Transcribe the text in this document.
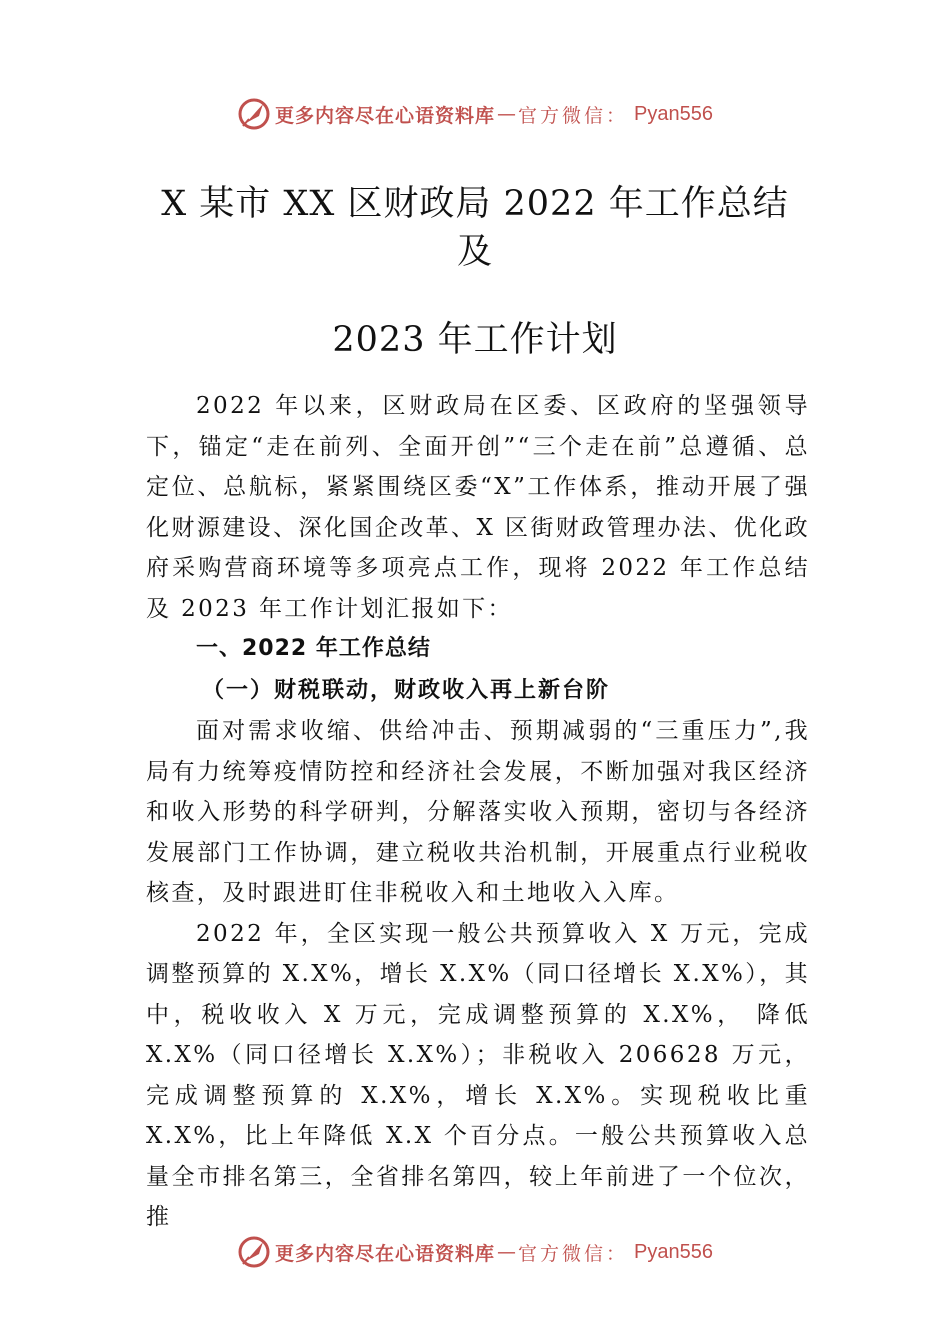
更多内容尽在心语资料库 — 官方微信： Pyan556
X 某市 XX 区财政局 2022 年工作总结
及
2023 年工作计划

2022 年以来，区财政局在区委、区政府的坚强领导下，锚定“走在前列、全面开创”“三个走在前”总遵循、总定位、总航标，紧紧围绕区委“X”工作体系，推动开展了强化财源建设、深化国企改革、X 区街财政管理办法、优化政府采购营商环境等多项亮点工作，现将 2022 年工作总结及 2023 年工作计划汇报如下：

一、2022 年工作总结

（一）财税联动，财政收入再上新台阶

面对需求收缩、供给冲击、预期减弱的“三重压力”,我局有力统筹疫情防控和经济社会发展，不断加强对我区经济和收入形势的科学研判，分解落实收入预期，密切与各经济发展部门工作协调，建立税收共治机制，开展重点行业税收核查，及时跟进盯住非税收入和土地收入入库。

2022 年，全区实现一般公共预算收入 X 万元，完成调整预算的 X.X%，增长 X.X%（同口径增长 X.X%），其中，税收收入 X 万元，完成调整预算的 X.X%， 降低 X.X%（同口径增长 X.X%）；非税收入 206628 万元，完成调整预算的 X.X%，增长 X.X%。实现税收比重 X.X%，比上年降低 X.X 个百分点。一般公共预算收入总量全市排名第三，全省排名第四，较上年前进了一个位次，推

更多内容尽在心语资料库 — 官方微信： Pyan556
